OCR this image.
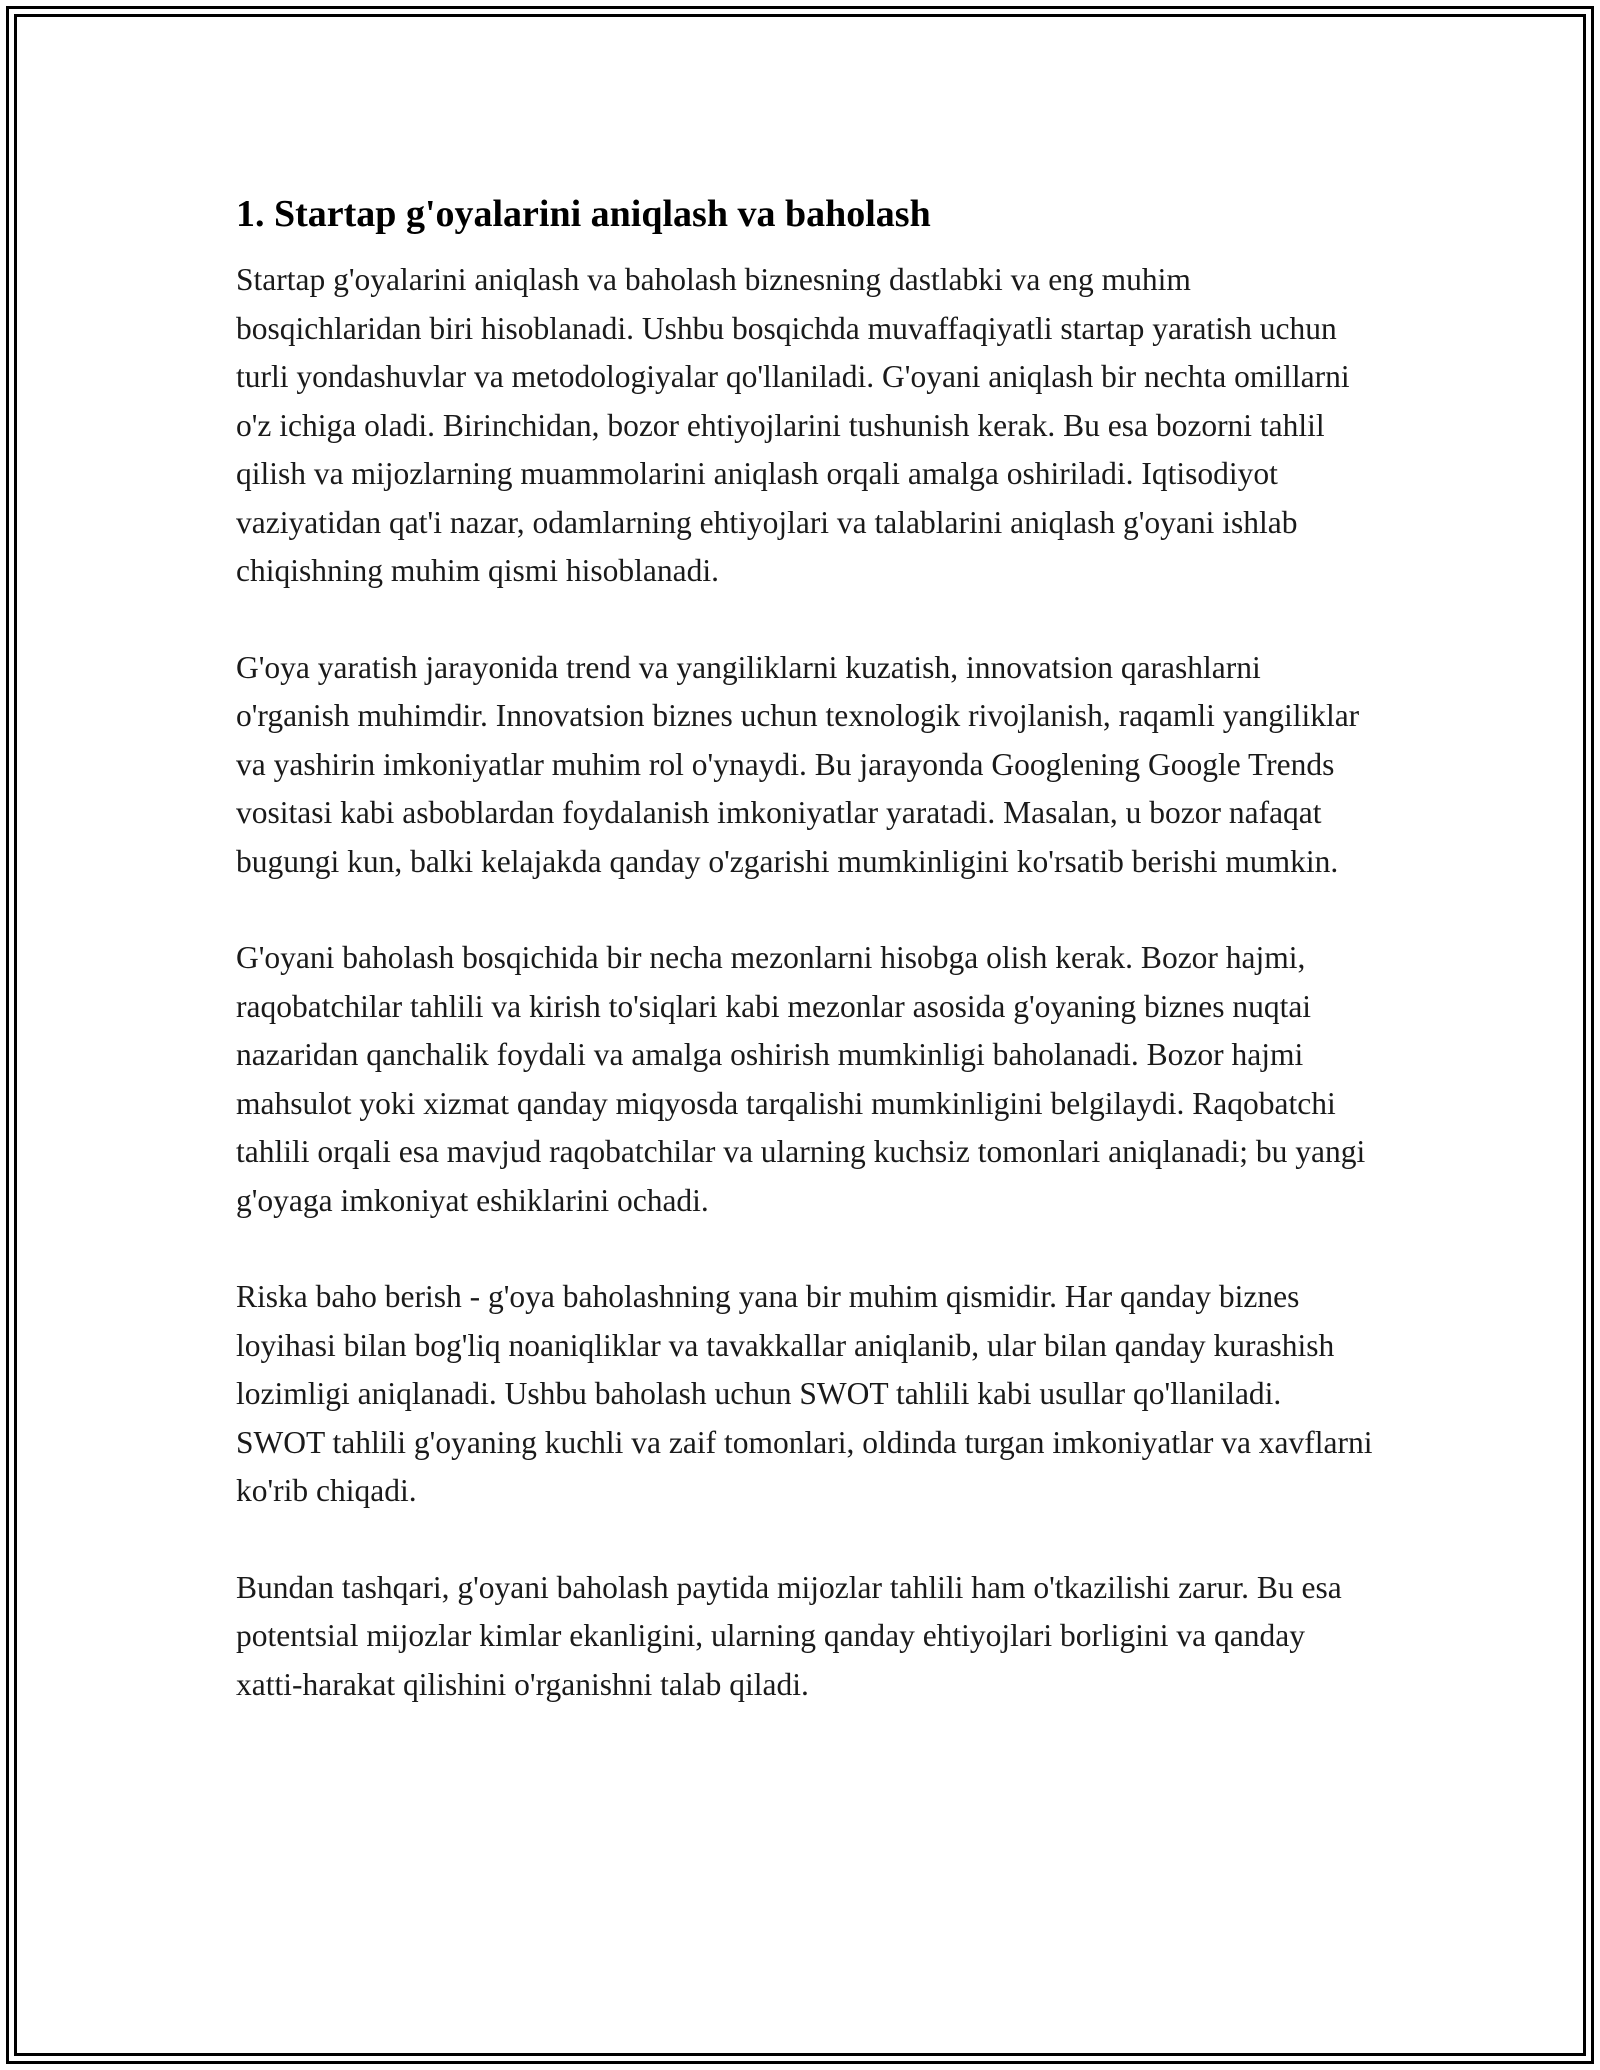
1. Startap g'oyalarini aniqlash va baholash

Startap g'oyalarini aniqlash va baholash biznesning dastlabki va eng muhim bosqichlaridan biri hisoblanadi. Ushbu bosqichda muvaffaqiyatli startap yaratish uchun turli yondashuvlar va metodologiyalar qo'llaniladi. G'oyani aniqlash bir nechta omillarni o'z ichiga oladi. Birinchidan, bozor ehtiyojlarini tushunish kerak. Bu esa bozorni tahlil qilish va mijozlarning muammolarini aniqlash orqali amalga oshiriladi. Iqtisodiyot vaziyatidan qat'i nazar, odamlarning ehtiyojlari va talablarini aniqlash g'oyani ishlab chiqishning muhim qismi hisoblanadi.

G'oya yaratish jarayonida trend va yangiliklarni kuzatish, innovatsion qarashlarni o'rganish muhimdir. Innovatsion biznes uchun texnologik rivojlanish, raqamli yangiliklar va yashirin imkoniyatlar muhim rol o'ynaydi. Bu jarayonda Googlening Google Trends vositasi kabi asboblardan foydalanish imkoniyatlar yaratadi. Masalan, u bozor nafaqat bugungi kun, balki kelajakda qanday o'zgarishi mumkinligini ko'rsatib berishi mumkin.

G'oyani baholash bosqichida bir necha mezonlarni hisobga olish kerak. Bozor hajmi, raqobatchilar tahlili va kirish to'siqlari kabi mezonlar asosida g'oyaning biznes nuqtai nazaridan qanchalik foydali va amalga oshirish mumkinligi baholanadi. Bozor hajmi mahsulot yoki xizmat qanday miqyosda tarqalishi mumkinligini belgilaydi. Raqobatchi tahlili orqali esa mavjud raqobatchilar va ularning kuchsiz tomonlari aniqlanadi; bu yangi g'oyaga imkoniyat eshiklarini ochadi.

Riska baho berish - g'oya baholashning yana bir muhim qismidir. Har qanday biznes loyihasi bilan bog'liq noaniqliklar va tavakkallar aniqlanib, ular bilan qanday kurashish lozimligi aniqlanadi. Ushbu baholash uchun SWOT tahlili kabi usullar qo'llaniladi. SWOT tahlili g'oyaning kuchli va zaif tomonlari, oldinda turgan imkoniyatlar va xavflarni ko'rib chiqadi.

Bundan tashqari, g'oyani baholash paytida mijozlar tahlili ham o'tkazilishi zarur. Bu esa potentsial mijozlar kimlar ekanligini, ularning qanday ehtiyojlari borligini va qanday xatti-harakat qilishini o'rganishni talab qiladi.
